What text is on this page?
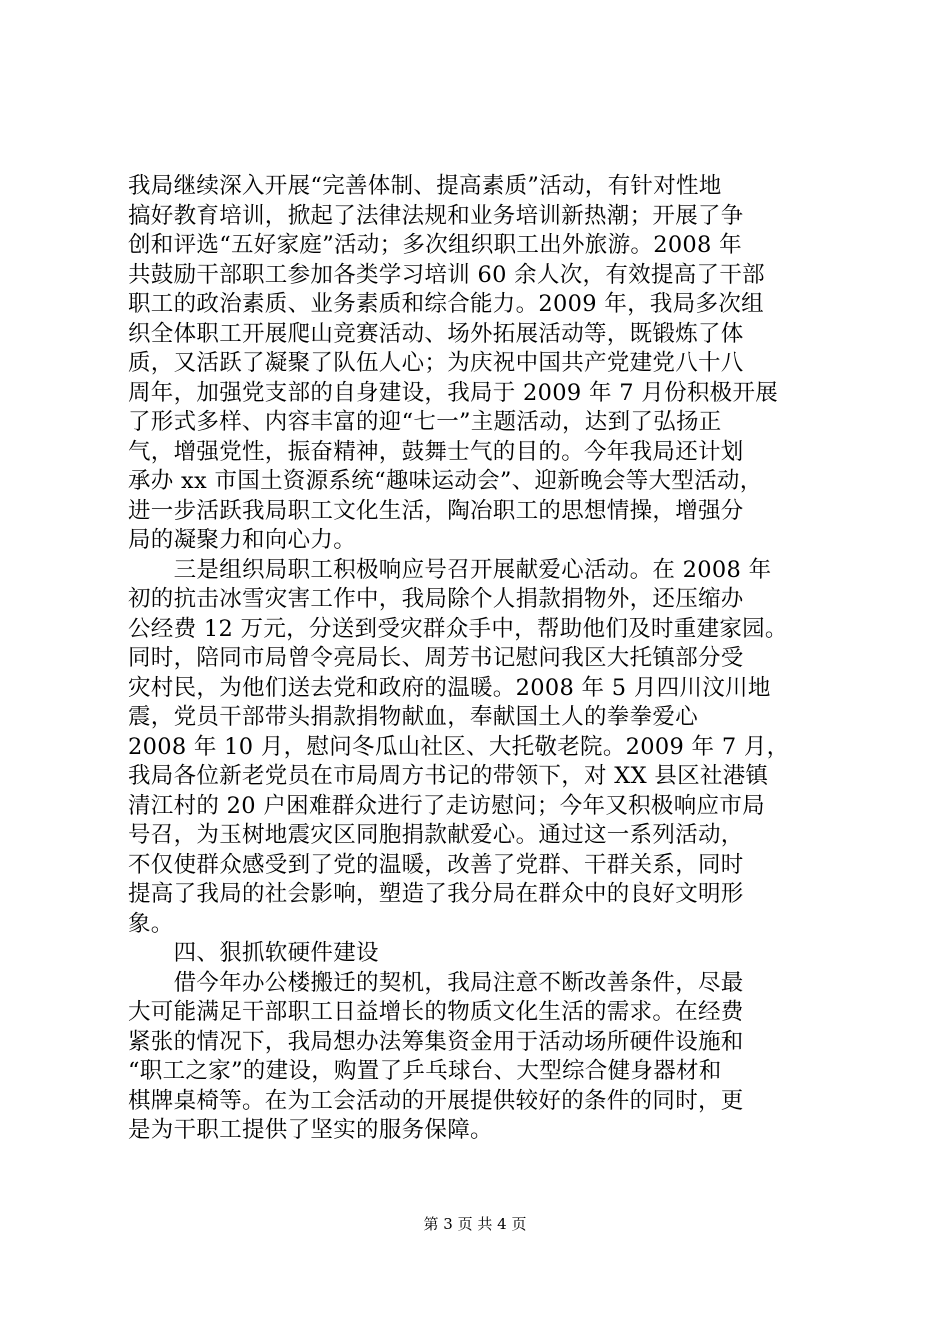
我局继续深入开展“完善体制、提高素质”活动，有针对性地
搞好教育培训，掀起了法律法规和业务培训新热潮；开展了争
创和评选“五好家庭”活动；多次组织职工出外旅游。2008 年
共鼓励干部职工参加各类学习培训 60 余人次，有效提高了干部
职工的政治素质、业务素质和综合能力。2009 年，我局多次组
织全体职工开展爬山竞赛活动、场外拓展活动等，既锻炼了体
质，又活跃了凝聚了队伍人心；为庆祝中国共产党建党八十八
周年，加强党支部的自身建设，我局于 2009 年 7 月份积极开展
了形式多样、内容丰富的迎“七一”主题活动，达到了弘扬正
气，增强党性，振奋精神，鼓舞士气的目的。今年我局还计划
承办 xx 市国土资源系统“趣味运动会”、迎新晚会等大型活动，
进一步活跃我局职工文化生活，陶冶职工的思想情操，增强分
局的凝聚力和向心力。
　　三是组织局职工积极响应号召开展献爱心活动。在 2008 年
初的抗击冰雪灾害工作中，我局除个人捐款捐物外，还压缩办
公经费 12 万元，分送到受灾群众手中，帮助他们及时重建家园。
同时，陪同市局曾令亮局长、周芳书记慰问我区大托镇部分受
灾村民，为他们送去党和政府的温暖。2008 年 5 月四川汶川地
震，党员干部带头捐款捐物献血，奉献国土人的拳拳爱心
2008 年 10 月，慰问冬瓜山社区、大托敬老院。2009 年 7 月，
我局各位新老党员在市局周方书记的带领下，对 XX 县区社港镇
清江村的 20 户困难群众进行了走访慰问；今年又积极响应市局
号召，为玉树地震灾区同胞捐款献爱心。通过这一系列活动，
不仅使群众感受到了党的温暖，改善了党群、干群关系，同时
提高了我局的社会影响，塑造了我分局在群众中的良好文明形
象。
　　四、狠抓软硬件建设
　　借今年办公楼搬迁的契机，我局注意不断改善条件，尽最
大可能满足干部职工日益增长的物质文化生活的需求。在经费
紧张的情况下，我局想办法筹集资金用于活动场所硬件设施和
“职工之家”的建设，购置了乒乓球台、大型综合健身器材和
棋牌桌椅等。在为工会活动的开展提供较好的条件的同时，更
是为干职工提供了坚实的服务保障。
第 3 页 共 4 页
